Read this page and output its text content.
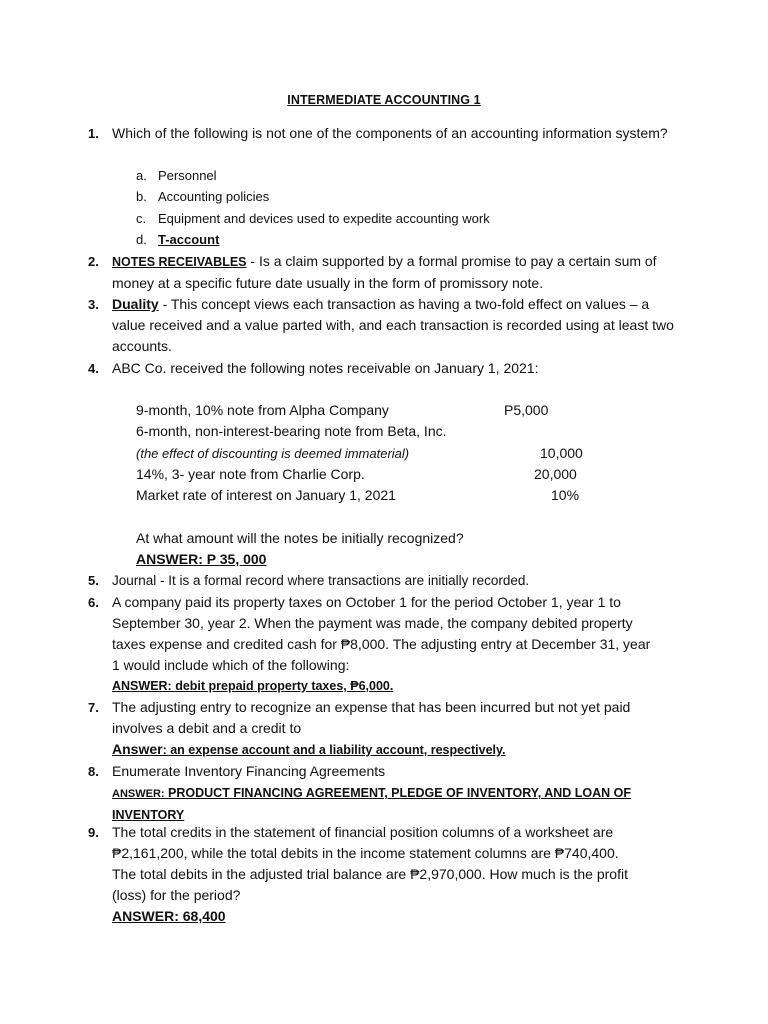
INTERMEDIATE ACCOUNTING 1
1. Which of the following is not one of the components of an accounting information system?
a. Personnel
b. Accounting policies
c. Equipment and devices used to expedite accounting work
d. T-account
2. NOTES RECEIVABLES - Is a claim supported by a formal promise to pay a certain sum of money at a specific future date usually in the form of promissory note.
3. Duality - This concept views each transaction as having a two-fold effect on values – a value received and a value parted with, and each transaction is recorded using at least two accounts.
4. ABC Co. received the following notes receivable on January 1, 2021:
9-month, 10% note from Alpha Company	P5,000
6-month, non-interest-bearing note from Beta, Inc.
(the effect of discounting is deemed immaterial)	10,000
14%, 3- year note from Charlie Corp.	20,000
Market rate of interest on January 1, 2021	10%
At what amount will the notes be initially recognized?
ANSWER: P 35, 000
5. Journal - It is a formal record where transactions are initially recorded.
6. A company paid its property taxes on October 1 for the period October 1, year 1 to
September 30, year 2. When the payment was made, the company debited property
taxes expense and credited cash for ₱8,000. The adjusting entry at December 31, year
1 would include which of the following:
ANSWER: debit prepaid property taxes, ₱6,000.
7. The adjusting entry to recognize an expense that has been incurred but not yet paid
involves a debit and a credit to
Answer: an expense account and a liability account, respectively.
8. Enumerate Inventory Financing Agreements
ANSWER: PRODUCT FINANCING AGREEMENT, PLEDGE OF INVENTORY, AND LOAN OF
INVENTORY
9. The total credits in the statement of financial position columns of a worksheet are
₱2,161,200, while the total debits in the income statement columns are ₱740,400.
The total debits in the adjusted trial balance are ₱2,970,000. How much is the profit
(loss) for the period?
ANSWER: 68,400
